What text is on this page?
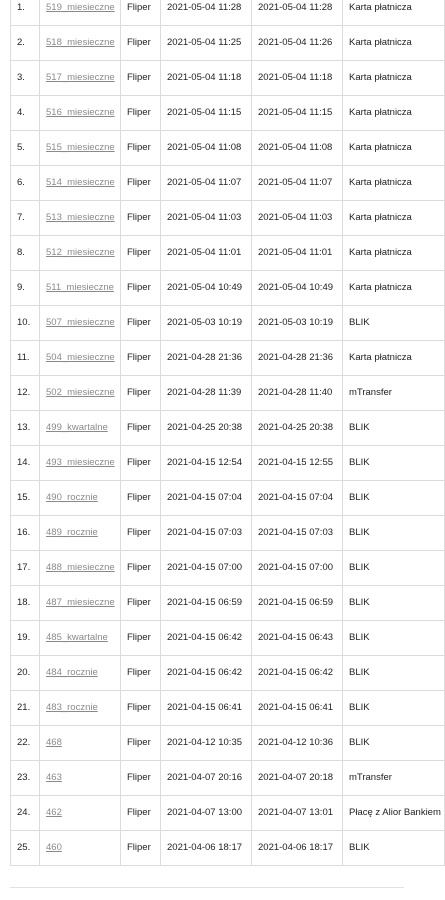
1.	519_miesieczne	Fliper	2021-05-04 11:28	2021-05-04 11:28	Karta płatnicza
2.	518_miesieczne	Fliper	2021-05-04 11:25	2021-05-04 11:26	Karta płatnicza
3.	517_miesieczne	Fliper	2021-05-04 11:18	2021-05-04 11:18	Karta płatnicza
4.	516_miesieczne	Fliper	2021-05-04 11:15	2021-05-04 11:15	Karta płatnicza
5.	515_miesieczne	Fliper	2021-05-04 11:08	2021-05-04 11:08	Karta płatnicza
6.	514_miesieczne	Fliper	2021-05-04 11:07	2021-05-04 11:07	Karta płatnicza
7.	513_miesieczne	Fliper	2021-05-04 11:03	2021-05-04 11:03	Karta płatnicza
8.	512_miesieczne	Fliper	2021-05-04 11:01	2021-05-04 11:01	Karta płatnicza
9.	511_miesieczne	Fliper	2021-05-04 10:49	2021-05-04 10:49	Karta płatnicza
10.	507_miesieczne	Fliper	2021-05-03 10:19	2021-05-03 10:19	BLIK
11.	504_miesieczne	Fliper	2021-04-28 21:36	2021-04-28 21:36	Karta płatnicza
12.	502_miesieczne	Fliper	2021-04-28 11:39	2021-04-28 11:40	mTransfer
13.	499_kwartalne	Fliper	2021-04-25 20:38	2021-04-25 20:38	BLIK
14.	493_miesieczne	Fliper	2021-04-15 12:54	2021-04-15 12:55	BLIK
15.	490_rocznie	Fliper	2021-04-15 07:04	2021-04-15 07:04	BLIK
16.	489_rocznie	Fliper	2021-04-15 07:03	2021-04-15 07:03	BLIK
17.	488_miesieczne	Fliper	2021-04-15 07:00	2021-04-15 07:00	BLIK
18.	487_miesieczne	Fliper	2021-04-15 06:59	2021-04-15 06:59	BLIK
19.	485_kwartalne	Fliper	2021-04-15 06:42	2021-04-15 06:43	BLIK
20.	484_rocznie	Fliper	2021-04-15 06:42	2021-04-15 06:42	BLIK
21.	483_rocznie	Fliper	2021-04-15 06:41	2021-04-15 06:41	BLIK
22.	468	Fliper	2021-04-12 10:35	2021-04-12 10:36	BLIK
23.	463	Fliper	2021-04-07 20:16	2021-04-07 20:18	mTransfer
24.	462	Fliper	2021-04-07 13:00	2021-04-07 13:01	Płacę z Alior Bankiem
25.	460	Fliper	2021-04-06 18:17	2021-04-06 18:17	BLIK
